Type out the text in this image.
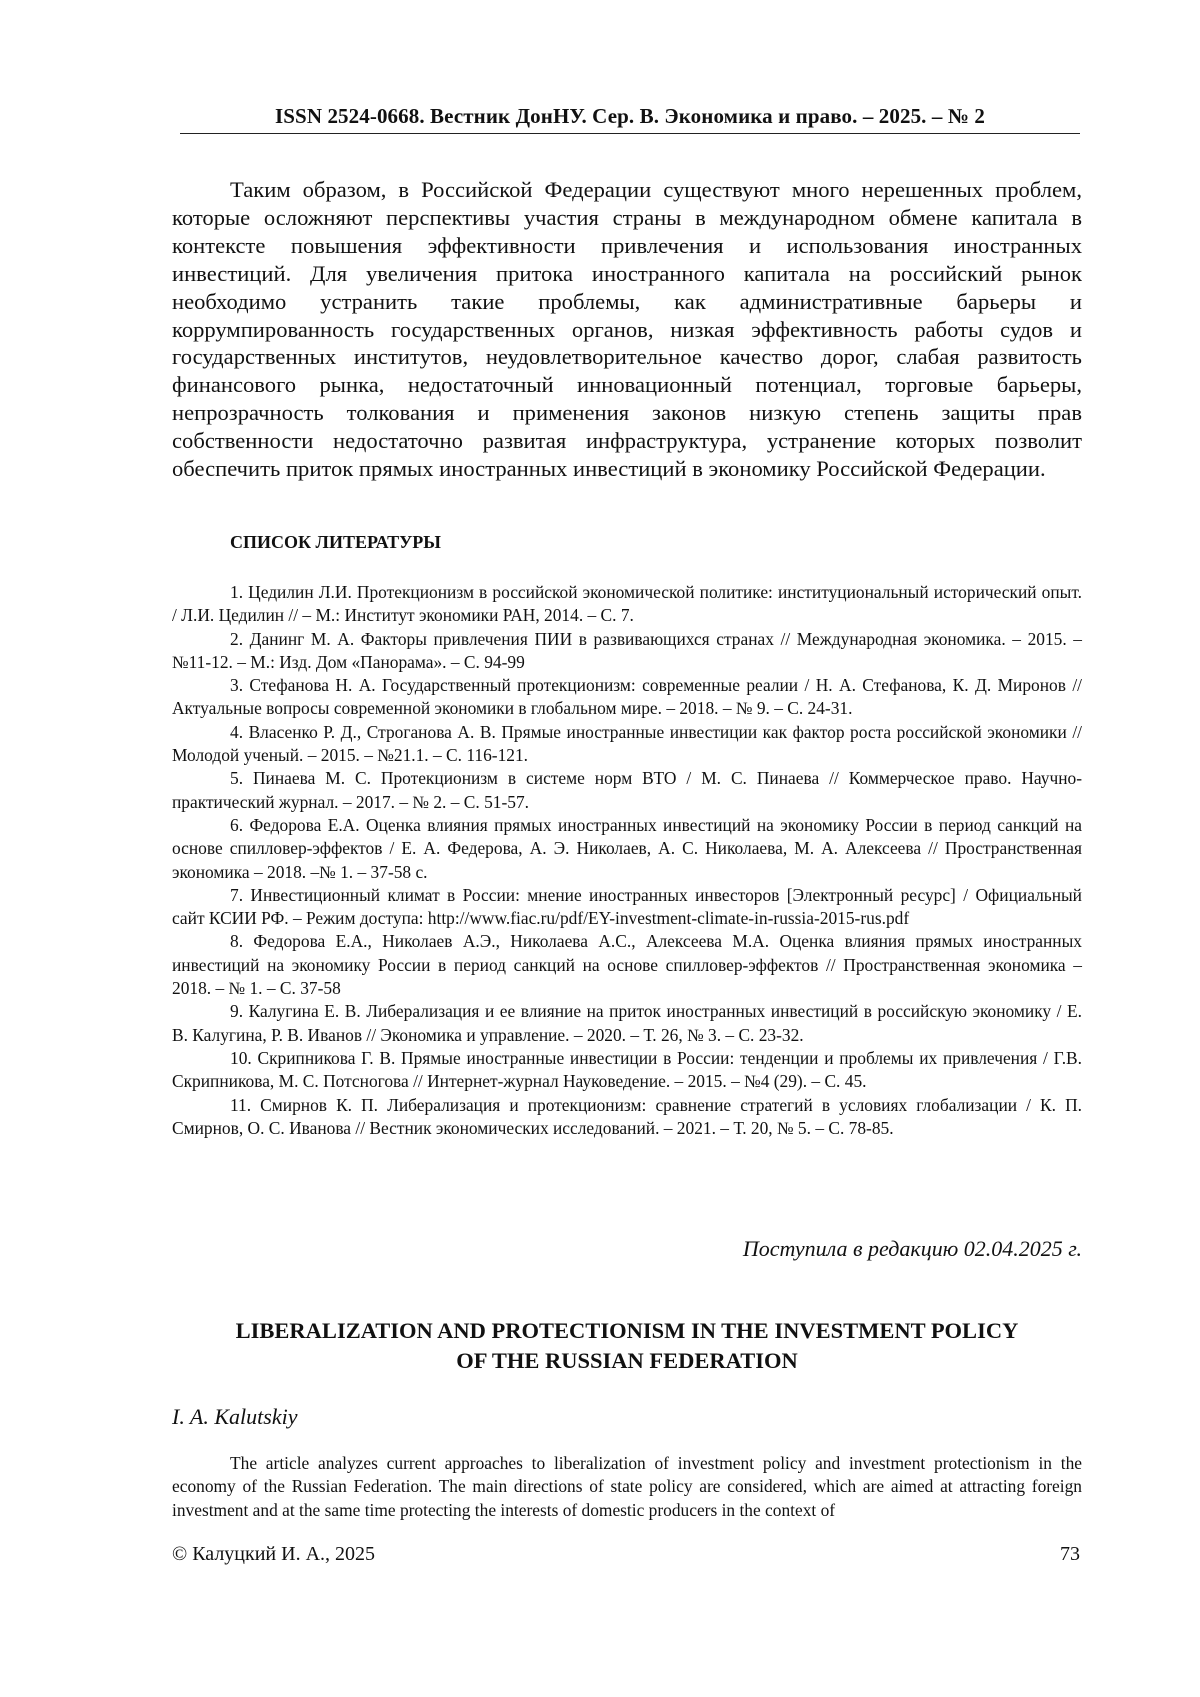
ISSN 2524-0668. Вестник ДонНУ. Сер. В. Экономика и право. – 2025. – № 2

Таким образом, в Российской Федерации существуют много нерешенных проблем, которые осложняют перспективы участия страны в международном обмене капитала в контексте повышения эффективности привлечения и использования иностранных инвестиций. Для увеличения притока иностранного капитала на российский рынок необходимо устранить такие проблемы, как административные барьеры и коррумпированность государственных органов, низкая эффективность работы судов и государственных институтов, неудовлетворительное качество дорог, слабая развитость финансового рынка, недостаточный инновационный потенциал, торговые барьеры, непрозрачность толкования и применения законов низкую степень защиты прав собственности недостаточно развитая инфраструктура, устранение которых позволит обеспечить приток прямых иностранных инвестиций в экономику Российской Федерации.

СПИСОК ЛИТЕРАТУРЫ

1. Цедилин Л.И. Протекционизм в российской экономической политике: институциональный исторический опыт. / Л.И. Цедилин // – М.: Институт экономики РАН, 2014. – С. 7.
2. Данинг М. А. Факторы привлечения ПИИ в развивающихся странах // Международная экономика. – 2015. – №11-12. – М.: Изд. Дом «Панорама». – С. 94-99
3. Стефанова Н. А. Государственный протекционизм: современные реалии / Н. А. Стефанова, К. Д. Миронов // Актуальные вопросы современной экономики в глобальном мире. – 2018. – № 9. – С. 24-31.
4. Власенко Р. Д., Строганова А. В. Прямые иностранные инвестиции как фактор роста российской экономики // Молодой ученый. – 2015. – №21.1. – С. 116-121.
5. Пинаева М. С. Протекционизм в системе норм ВТО / М. С. Пинаева // Коммерческое право. Научно-практический журнал. – 2017. – № 2. – С. 51-57.
6. Федорова Е.А. Оценка влияния прямых иностранных инвестиций на экономику России в период санкций на основе спилловер-эффектов / Е. А. Федерова, А. Э. Николаев, А. С. Николаева, М. А. Алексеева // Пространственная экономика – 2018. –№ 1. – 37-58 с.
7. Инвестиционный климат в России: мнение иностранных инвесторов [Электронный ресурс] / Официальный сайт КСИИ РФ. – Режим доступа: http://www.fiac.ru/pdf/EY-investment-climate-in-russia-2015-rus.pdf
8. Федорова Е.А., Николаев А.Э., Николаева А.С., Алексеева М.А. Оценка влияния прямых иностранных инвестиций на экономику России в период санкций на основе спилловер-эффектов // Пространственная экономика – 2018. – № 1. – С. 37-58
9. Калугина Е. В. Либерализация и ее влияние на приток иностранных инвестиций в российскую экономику / Е. В. Калугина, Р. В. Иванов // Экономика и управление. – 2020. – Т. 26, № 3. – С. 23-32.
10. Скрипникова Г. В. Прямые иностранные инвестиции в России: тенденции и проблемы их привлечения / Г.В. Скрипникова, М. С. Потсногова // Интернет-журнал Науковедение. – 2015. – №4 (29). – С. 45.
11. Смирнов К. П. Либерализация и протекционизм: сравнение стратегий в условиях глобализации / К. П. Смирнов, О. С. Иванова // Вестник экономических исследований. – 2021. – Т. 20, № 5. – С. 78-85.
Поступила в редакцию 02.04.2025 г.
LIBERALIZATION AND PROTECTIONISM IN THE INVESTMENT POLICY
OF THE RUSSIAN FEDERATION
I. A. Kalutskiy

The article analyzes current approaches to liberalization of investment policy and investment protectionism in the economy of the Russian Federation. The main directions of state policy are considered, which are aimed at attracting foreign investment and at the same time protecting the interests of domestic producers in the context of

© Калуцкий И. А., 2025	73
